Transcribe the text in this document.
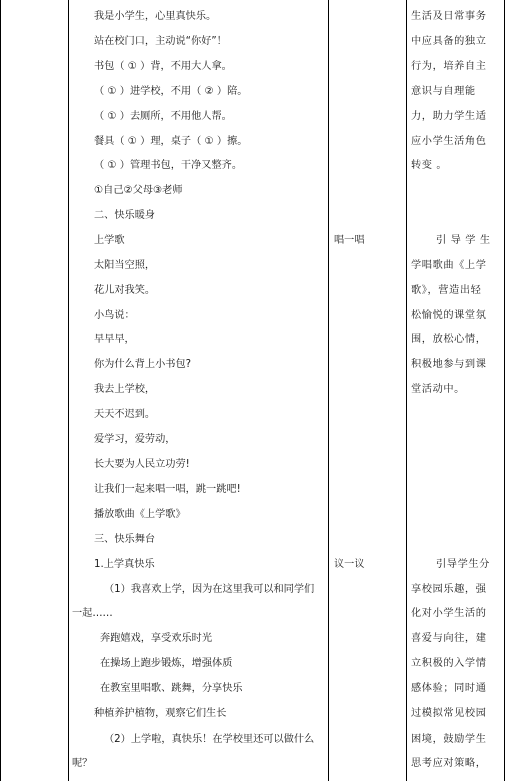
我是小学生，心里真快乐。
站在校门口，主动说“你好”！
书包（ ① ）背，不用大人拿。
（ ① ）进学校，不用（ ② ）陪。
（ ① ）去厕所，不用他人帮。
餐具（ ① ）理，桌子（ ① ）擦。
（ ① ）管理书包，干净又整齐。
①自己②父母③老师
二、快乐暖身
上学歌
太阳当空照，
花儿对我笑。
小鸟说：
早早早，
你为什么背上小书包?
我去上学校，
天天不迟到。
爱学习，爱劳动，
长大要为人民立功劳!
让我们一起来唱一唱，跳一跳吧!
播放歌曲《上学歌》
三、快乐舞台
1.上学真快乐
（1）我喜欢上学，因为在这里我可以和同学们
一起……
奔跑嬉戏，享受欢乐时光
在操场上跑步锻炼，增强体质
在教室里唱歌、跳舞，分享快乐
种植养护植物，观察它们生长
（2）上学啦，真快乐！在学校里还可以做什么
呢？
唱一唱
议一议
生活及日常事务
中应具备的独立
行为，培养自主
意识与自理能
力，助力学生适
应小学生活角色
转变 。
引 导 学 生
学唱歌曲《上学
歌》，营造出轻
松愉悦的课堂氛
围，放松心情，
积极地参与到课
堂活动中。
引导学生分
享校园乐趣，强
化对小学生活的
喜爱与向往，建
立积极的入学情
感体验；同时通
过模拟常见校园
困境，鼓励学生
思考应对策略，
